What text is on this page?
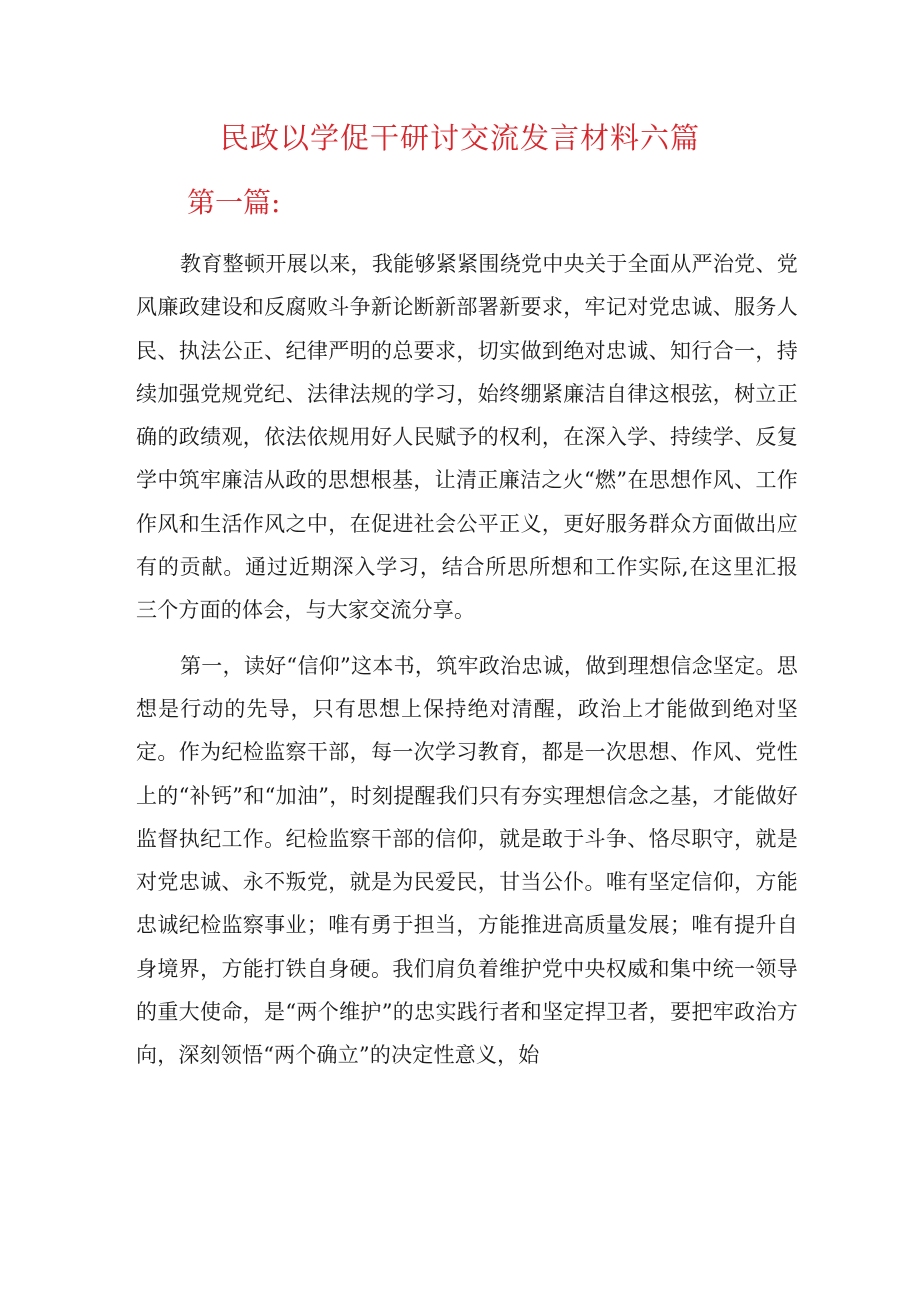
民政以学促干研讨交流发言材料六篇
第一篇:

教育整顿开展以来，我能够紧紧围绕党中央关于全面从严治党、党风廉政建设和反腐败斗争新论断新部署新要求，牢记对党忠诚、服务人民、执法公正、纪律严明的总要求，切实做到绝对忠诚、知行合一，持续加强党规党纪、法律法规的学习，始终绷紧廉洁自律这根弦，树立正确的政绩观，依法依规用好人民赋予的权利，在深入学、持续学、反复学中筑牢廉洁从政的思想根基，让清正廉洁之火“燃”在思想作风、工作作风和生活作风之中，在促进社会公平正义，更好服务群众方面做出应有的贡献。通过近期深入学习，结合所思所想和工作实际,在这里汇报三个方面的体会，与大家交流分享。

第一，读好“信仰”这本书，筑牢政治忠诚，做到理想信念坚定。思想是行动的先导，只有思想上保持绝对清醒，政治上才能做到绝对坚定。作为纪检监察干部，每一次学习教育，都是一次思想、作风、党性上的“补钙”和“加油”，时刻提醒我们只有夯实理想信念之基，才能做好监督执纪工作。纪检监察干部的信仰，就是敢于斗争、恪尽职守，就是对党忠诚、永不叛党，就是为民爱民，甘当公仆。唯有坚定信仰，方能忠诚纪检监察事业；唯有勇于担当，方能推进高质量发展；唯有提升自身境界，方能打铁自身硬。我们肩负着维护党中央权威和集中统一领导的重大使命，是“两个维护”的忠实践行者和坚定捍卫者，要把牢政治方向，深刻领悟“两个确立”的决定性意义，始
